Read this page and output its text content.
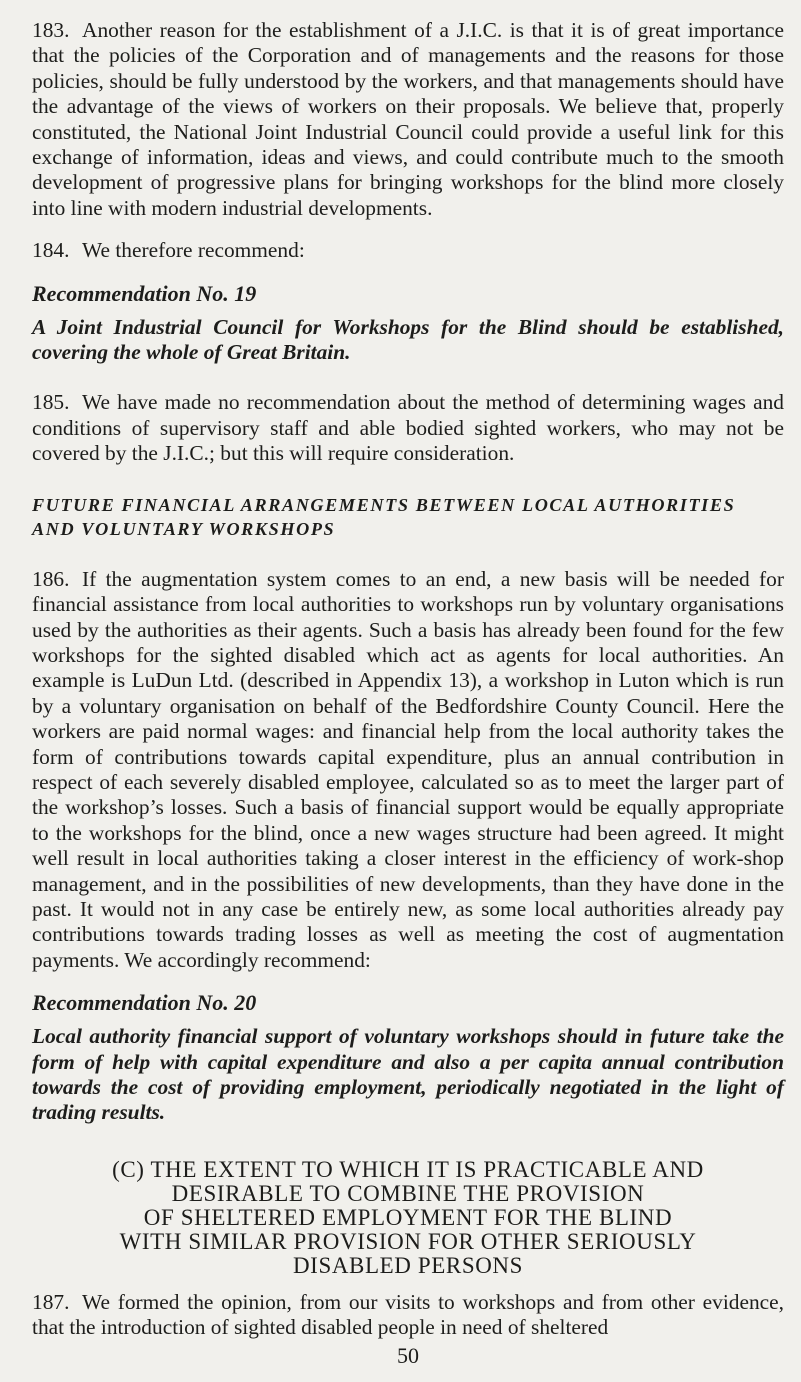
183. Another reason for the establishment of a J.I.C. is that it is of great importance that the policies of the Corporation and of managements and the reasons for those policies, should be fully understood by the workers, and that managements should have the advantage of the views of workers on their proposals. We believe that, properly constituted, the National Joint Industrial Council could provide a useful link for this exchange of information, ideas and views, and could contribute much to the smooth development of progressive plans for bringing workshops for the blind more closely into line with modern industrial developments.

184. We therefore recommend:

Recommendation No. 19

A Joint Industrial Council for Workshops for the Blind should be established, covering the whole of Great Britain.

185. We have made no recommendation about the method of determining wages and conditions of supervisory staff and able bodied sighted workers, who may not be covered by the J.I.C.; but this will require consideration.

FUTURE FINANCIAL ARRANGEMENTS BETWEEN LOCAL AUTHORITIES
AND VOLUNTARY WORKSHOPS

186. If the augmentation system comes to an end, a new basis will be needed for financial assistance from local authorities to workshops run by voluntary organisations used by the authorities as their agents. Such a basis has already been found for the few workshops for the sighted disabled which act as agents for local authorities. An example is LuDun Ltd. (described in Appendix 13), a workshop in Luton which is run by a voluntary organisation on behalf of the Bedfordshire County Council. Here the workers are paid normal wages: and financial help from the local authority takes the form of contributions towards capital expenditure, plus an annual contribution in respect of each severely disabled employee, calculated so as to meet the larger part of the workshop’s losses. Such a basis of financial support would be equally appropriate to the workshops for the blind, once a new wages structure had been agreed. It might well result in local authorities taking a closer interest in the efficiency of work-shop management, and in the possibilities of new developments, than they have done in the past. It would not in any case be entirely new, as some local authorities already pay contributions towards trading losses as well as meeting the cost of augmentation payments. We accordingly recommend:

Recommendation No. 20

Local authority financial support of voluntary workshops should in future take the form of help with capital expenditure and also a per capita annual contribution towards the cost of providing employment, periodically negotiated in the light of trading results.

(C) THE EXTENT TO WHICH IT IS PRACTICABLE AND
DESIRABLE TO COMBINE THE PROVISION
OF SHELTERED EMPLOYMENT FOR THE BLIND
WITH SIMILAR PROVISION FOR OTHER SERIOUSLY
DISABLED PERSONS

187. We formed the opinion, from our visits to workshops and from other evidence, that the introduction of sighted disabled people in need of sheltered

50
